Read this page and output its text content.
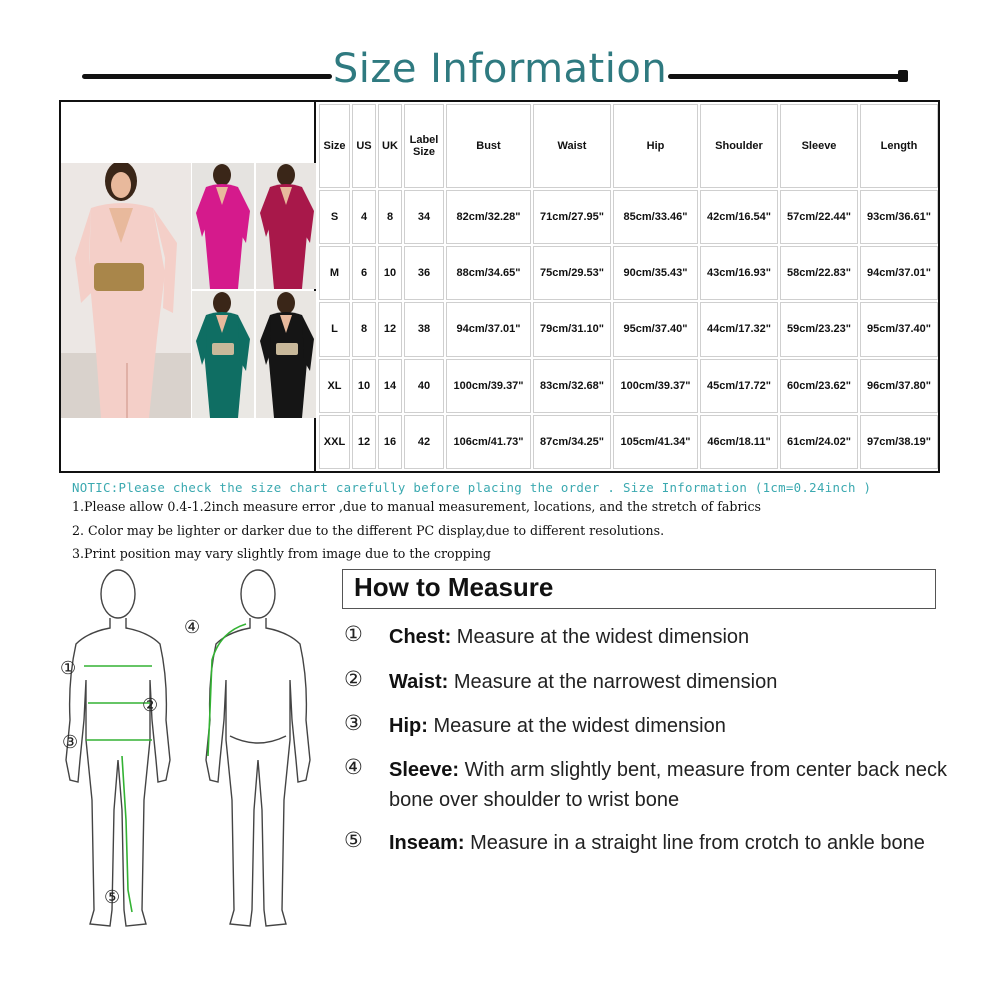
Size Information
Size	US	UK	Label Size	Bust	Waist	Hip	Shoulder	Sleeve	Length
S	4	8	34	82cm/32.28"	71cm/27.95"	85cm/33.46"	42cm/16.54"	57cm/22.44"	93cm/36.61"
M	6	10	36	88cm/34.65"	75cm/29.53"	90cm/35.43"	43cm/16.93"	58cm/22.83"	94cm/37.01"
L	8	12	38	94cm/37.01"	79cm/31.10"	95cm/37.40"	44cm/17.32"	59cm/23.23"	95cm/37.40"
XL	10	14	40	100cm/39.37"	83cm/32.68"	100cm/39.37"	45cm/17.72"	60cm/23.62"	96cm/37.80"
XXL	12	16	42	106cm/41.73"	87cm/34.25"	105cm/41.34"	46cm/18.11"	61cm/24.02"	97cm/38.19"
NOTIC:Please check the size chart carefully before placing the order . Size Information (1cm=0.24inch )
1.Please allow 0.4-1.2inch measure error ,due to manual measurement, locations, and the stretch of fabrics
2. Color may be lighter or darker due to the different PC display,due to different resolutions.
3.Print position may vary slightly from image due to the cropping
①
②
③
④
⑤
How to Measure
①	Chest: Measure at the widest dimension
②	Waist: Measure at the narrowest dimension
③	Hip: Measure at the widest dimension
④	Sleeve: With arm slightly bent, measure from center back neck bone over shoulder to wrist bone
⑤	Inseam: Measure in a straight line from crotch to ankle bone
